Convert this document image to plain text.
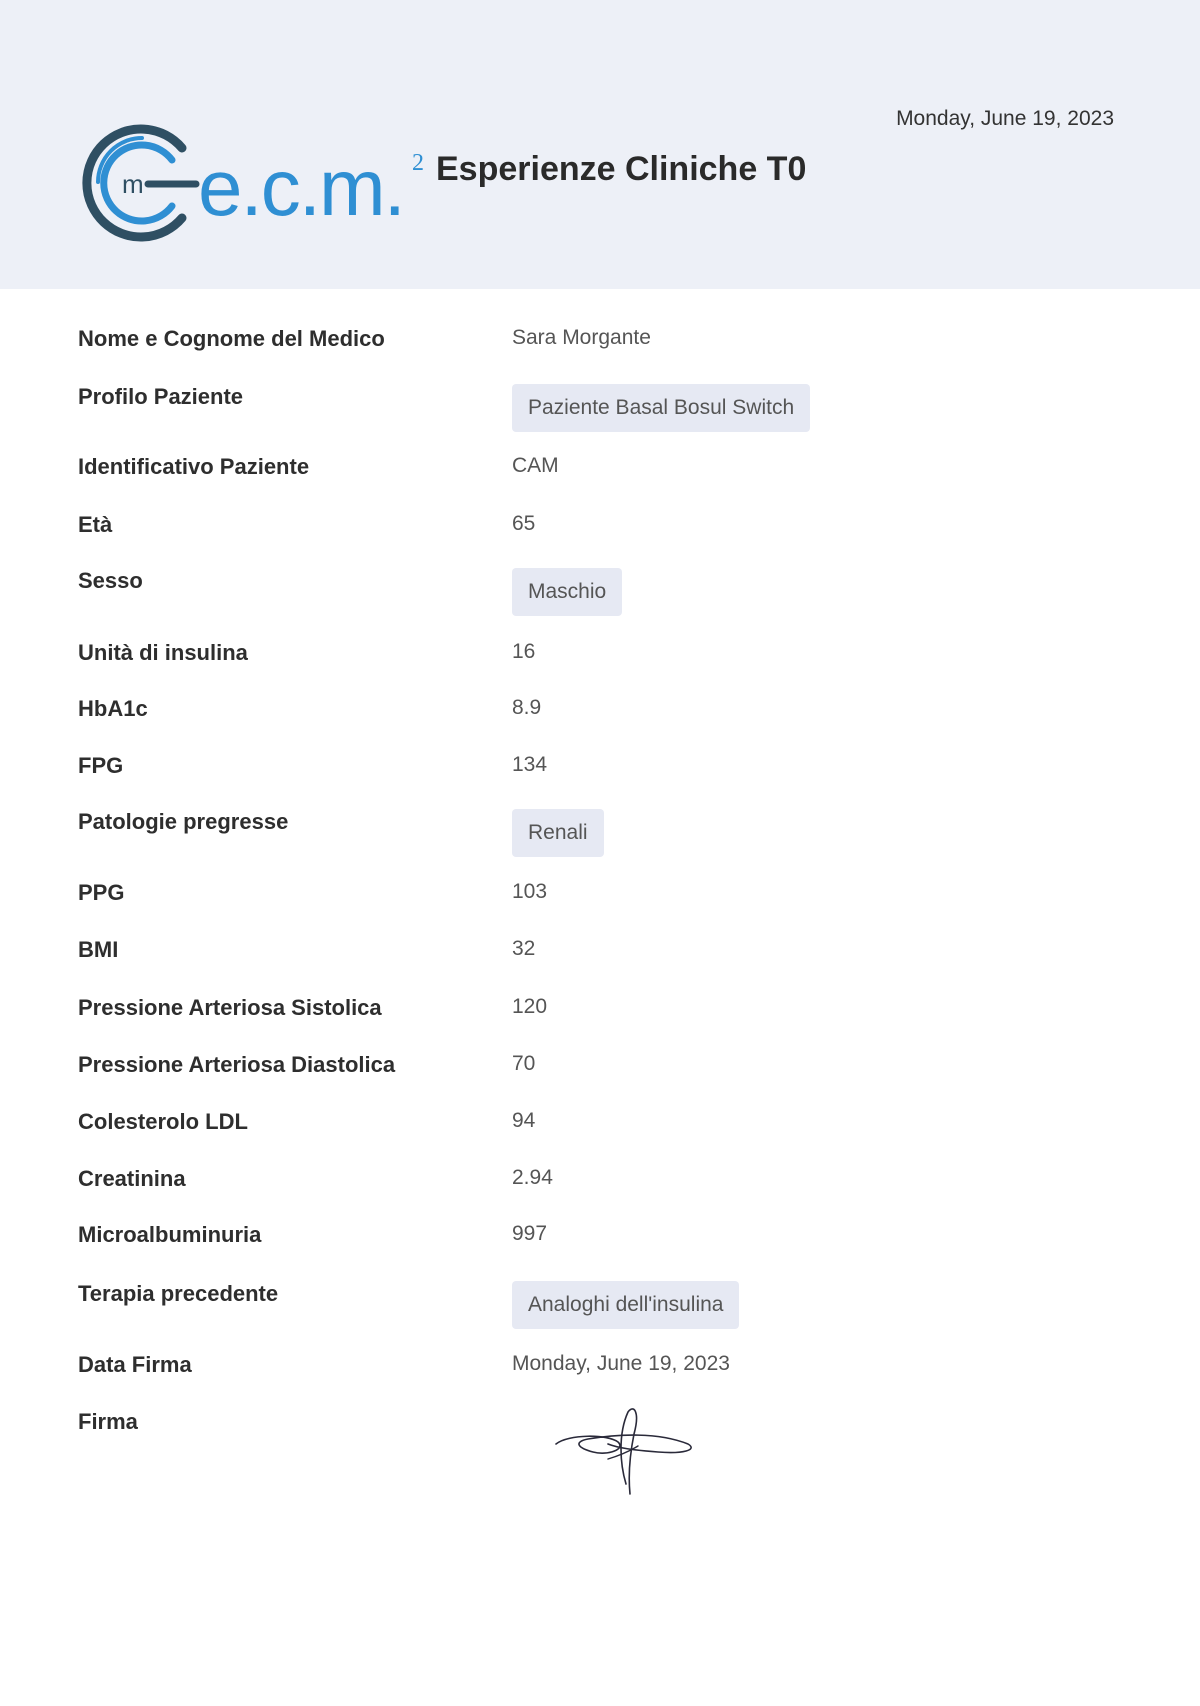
m e.c.m. 2 Esperienze Cliniche T0
Monday, June 19, 2023
Nome e Cognome del Medico	Sara Morgante
Profilo Paziente	Paziente Basal Bosul Switch
Identificativo Paziente	CAM
Età	65
Sesso	Maschio
Unità di insulina	16
HbA1c	8.9
FPG	134
Patologie pregresse	Renali
PPG	103
BMI	32
Pressione Arteriosa Sistolica	120
Pressione Arteriosa Diastolica	70
Colesterolo LDL	94
Creatinina	2.94
Microalbuminuria	997
Terapia precedente	Analoghi dell'insulina
Data Firma	Monday, June 19, 2023
Firma
